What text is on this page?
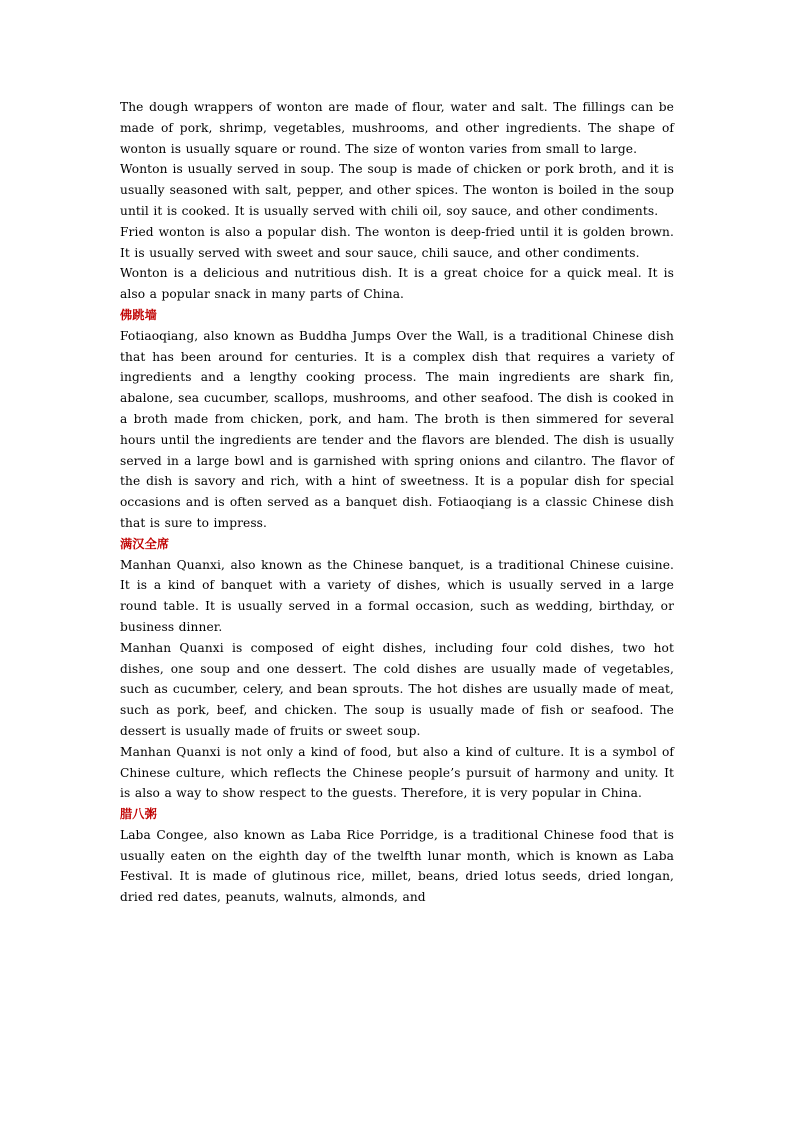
The dough wrappers of wonton are made of flour, water and salt. The fillings can be made of pork, shrimp, vegetables, mushrooms, and other ingredients. The shape of wonton is usually square or round. The size of wonton varies from small to large.

Wonton is usually served in soup. The soup is made of chicken or pork broth, and it is usually seasoned with salt, pepper, and other spices. The wonton is boiled in the soup until it is cooked. It is usually served with chili oil, soy sauce, and other condiments.

Fried wonton is also a popular dish. The wonton is deep-fried until it is golden brown. It is usually served with sweet and sour sauce, chili sauce, and other condiments.

Wonton is a delicious and nutritious dish. It is a great choice for a quick meal. It is also a popular snack in many parts of China.

佛跳墙

Fotiaoqiang, also known as Buddha Jumps Over the Wall, is a traditional Chinese dish that has been around for centuries. It is a complex dish that requires a variety of ingredients and a lengthy cooking process. The main ingredients are shark fin, abalone, sea cucumber, scallops, mushrooms, and other seafood. The dish is cooked in a broth made from chicken, pork, and ham. The broth is then simmered for several hours until the ingredients are tender and the flavors are blended. The dish is usually served in a large bowl and is garnished with spring onions and cilantro. The flavor of the dish is savory and rich, with a hint of sweetness. It is a popular dish for special occasions and is often served as a banquet dish. Fotiaoqiang is a classic Chinese dish that is sure to impress.

满汉全席

Manhan Quanxi, also known as the Chinese banquet, is a traditional Chinese cuisine. It is a kind of banquet with a variety of dishes, which is usually served in a large round table. It is usually served in a formal occasion, such as wedding, birthday, or business dinner.

Manhan Quanxi is composed of eight dishes, including four cold dishes, two hot dishes, one soup and one dessert. The cold dishes are usually made of vegetables, such as cucumber, celery, and bean sprouts. The hot dishes are usually made of meat, such as pork, beef, and chicken. The soup is usually made of fish or seafood. The dessert is usually made of fruits or sweet soup.

Manhan Quanxi is not only a kind of food, but also a kind of culture. It is a symbol of Chinese culture, which reflects the Chinese people’s pursuit of harmony and unity. It is also a way to show respect to the guests. Therefore, it is very popular in China.

腊八粥

Laba Congee, also known as Laba Rice Porridge, is a traditional Chinese food that is usually eaten on the eighth day of the twelfth lunar month, which is known as Laba Festival. It is made of glutinous rice, millet, beans, dried lotus seeds, dried longan, dried red dates, peanuts, walnuts, almonds, and
